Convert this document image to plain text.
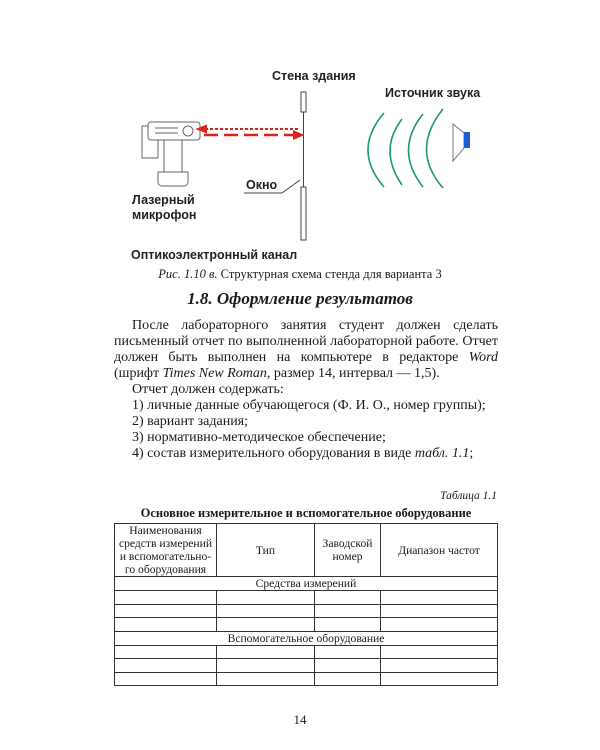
Стена здания
Источник звука
Окно
Лазерный
микрофон
Оптикоэлектронный канал
Рис. 1.10 в. Структурная схема стенда для варианта 3
1.8. Оформление результатов

После лабораторного занятия студент должен сделать письменный отчет по выполненной лабораторной работе. Отчет должен быть выполнен на компьютере в редакторе Word (шрифт Times New Roman, размер 14, интервал — 1,5).

Отчет должен содержать:

1) личные данные обучающегося (Ф. И. О., номер группы);

2) вариант задания;

3) нормативно-методическое обеспечение;

4) состав измерительного оборудования в виде табл. 1.1;

Таблица 1.1
Основное измерительное и вспомогательное оборудование
Наименования средств измерений и вспомогательно-го оборудования	Тип	Заводской номер	Диапазон частот
Средства измерений			

Вспомогательное оборудование			

14
